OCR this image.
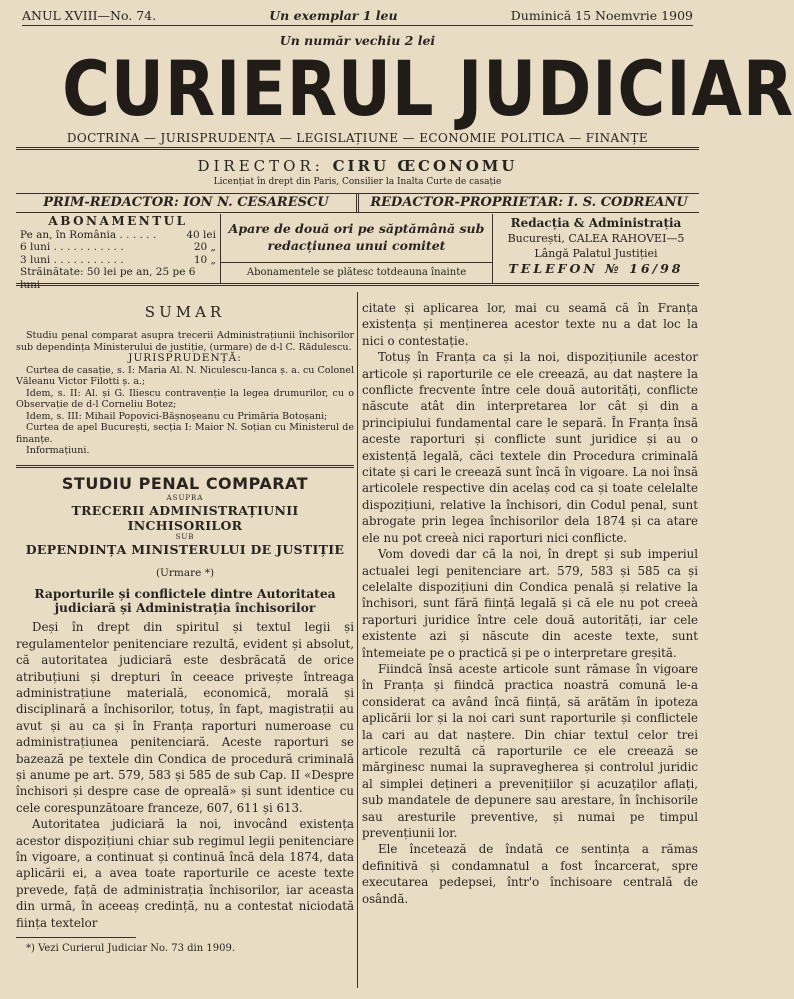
ANUL XVIII—No. 74.	Un exemplar 1 leu	Duminică 15 Noemvrie 1909
Un număr vechiu 2 lei
CURIERUL JUDICIAR
DOCTRINA — JURISPRUDENȚA — LEGISLAȚIUNE — ECONOMIE POLITICA — FINANȚE
DIRECTOR: CIRU ŒCONOMU
Licențiat în drept din Paris, Consilier la Inalta Curte de casație
PRIM-REDACTOR: ION N. CESARESCU	REDACTOR-PROPRIETAR: I. S. CODREANU
ABONAMENTUL
Pe an, în România . . . . . .	40 lei
6 luni . . . . . . . . . . .	20 „
3 luni . . . . . . . . . . .	10 „
Străinătate: 50 lei pe an, 25 pe 6 luni
Apare de două ori pe săptămână sub redacțiunea unui comitet
Abonamentele se plătesc totdeauna înainte
Redacția & Administrația
București, CALEA RAHOVEI—5
Lângă Palatul Justiției
TELEFON № 16/98
SUMAR

Studiu penal comparat asupra trecerii Administrațiunii închisorilor sub dependința Ministerului de justiție, (urmare) de d-l C. Rădulescu.

JURISPRUDENȚĂ:

Curtea de casație, s. I: Maria Al. N. Niculescu-Ianca ș. a. cu Colonel Văleanu Victor Filotti ș. a.;

Idem, s. II: Al. și G. Iliescu contravenție la legea drumurilor, cu o Observație de d-l Corneliu Botez;

Idem, s. III: Mihail Popovici-Bășnoșeanu cu Primăria Botoșani;

Curtea de apel București, secția I: Maior N. Soțian cu Ministerul de finanțe.

Informațiuni.

STUDIU PENAL COMPARAT
ASUPRA
TRECERII ADMINISTRAȚIUNII INCHISORILOR
SUB
DEPENDINȚA MINISTERULUI DE JUSTIȚIE
(Urmare *)
Raporturile și conflictele dintre Autoritatea judiciară și Administrația închisorilor

Deși în drept din spiritul și textul legii și regulamentelor penitenciare rezultă, evident și absolut, că autoritatea judiciară este desbrăcată de orice atribuțiuni și drepturi în ceeace privește întreaga administrațiune materială, economică, morală și disciplinară a închisorilor, totuș, în fapt, magistrații au avut și au ca și în Franța raporturi numeroase cu administrațiunea penitenciară. Aceste raporturi se bazează pe textele din Condica de procedură criminală și anume pe art. 579, 583 și 585 de sub Cap. II «Despre închisori și despre case de opreală» și sunt identice cu cele corespunzătoare franceze, 607, 611 și 613.

Autoritatea judiciară la noi, invocând existența acestor dispozițiuni chiar sub regimul legii penitenciare în vigoare, a continuat și continuă încă dela 1874, data aplicării ei, a avea toate raporturile ce aceste texte prevede, față de administrația închisorilor, iar aceasta din urmă, în aceeaș credință, nu a contestat niciodată ființa textelor

*) Vezi Curierul Judiciar No. 73 din 1909.

citate și aplicarea lor, mai cu seamă că în Franța existența și menținerea acestor texte nu a dat loc la nici o contestație.

Totuș în Franța ca și la noi, dispozițiunile acestor articole și raporturile ce ele creează, au dat naștere la conflicte frecvente între cele două autorități, conflicte născute atât din interpretarea lor cât și din a principiului fundamental care le separă. În Franța însă aceste raporturi și conflicte sunt juridice și au o existență legală, căci textele din Procedura criminală citate și cari le creează sunt încă în vigoare. La noi însă articolele respective din acelaș cod ca și toate celelalte dispozițiuni, relative la închisori, din Codul penal, sunt abrogate prin legea închisorilor dela 1874 și ca atare ele nu pot creeà nici raporturi nici conflicte.

Vom dovedi dar că la noi, în drept și sub imperiul actualei legi penitenciare art. 579, 583 și 585 ca și celelalte dispozițiuni din Condica penală și relative la închisori, sunt fără ființă legală și că ele nu pot creeà raporturi juridice între cele două autorități, iar cele existente azi și născute din aceste texte, sunt întemeiate pe o practică și pe o interpretare greșită.

Fiindcă însă aceste articole sunt rămase în vigoare în Franța și fiindcă practica noastră comună le-a considerat ca având încă ființă, să arătăm în ipoteza aplicării lor și la noi cari sunt raporturile și conflictele la cari au dat naștere. Din chiar textul celor trei articole rezultă că raporturile ce ele creează se mărginesc numai la supravegherea și controlul juridic al simplei dețineri a prevenițiilor și acuzaților aflați, sub mandatele de depunere sau arestare, în închisorile sau aresturile preventive, și numai pe timpul prevențiunii lor.

Ele încetează de îndată ce sentința a rămas definitivă și condamnatul a fost încarcerat, spre executarea pedepsei, într'o închisoare centrală de osândă.
